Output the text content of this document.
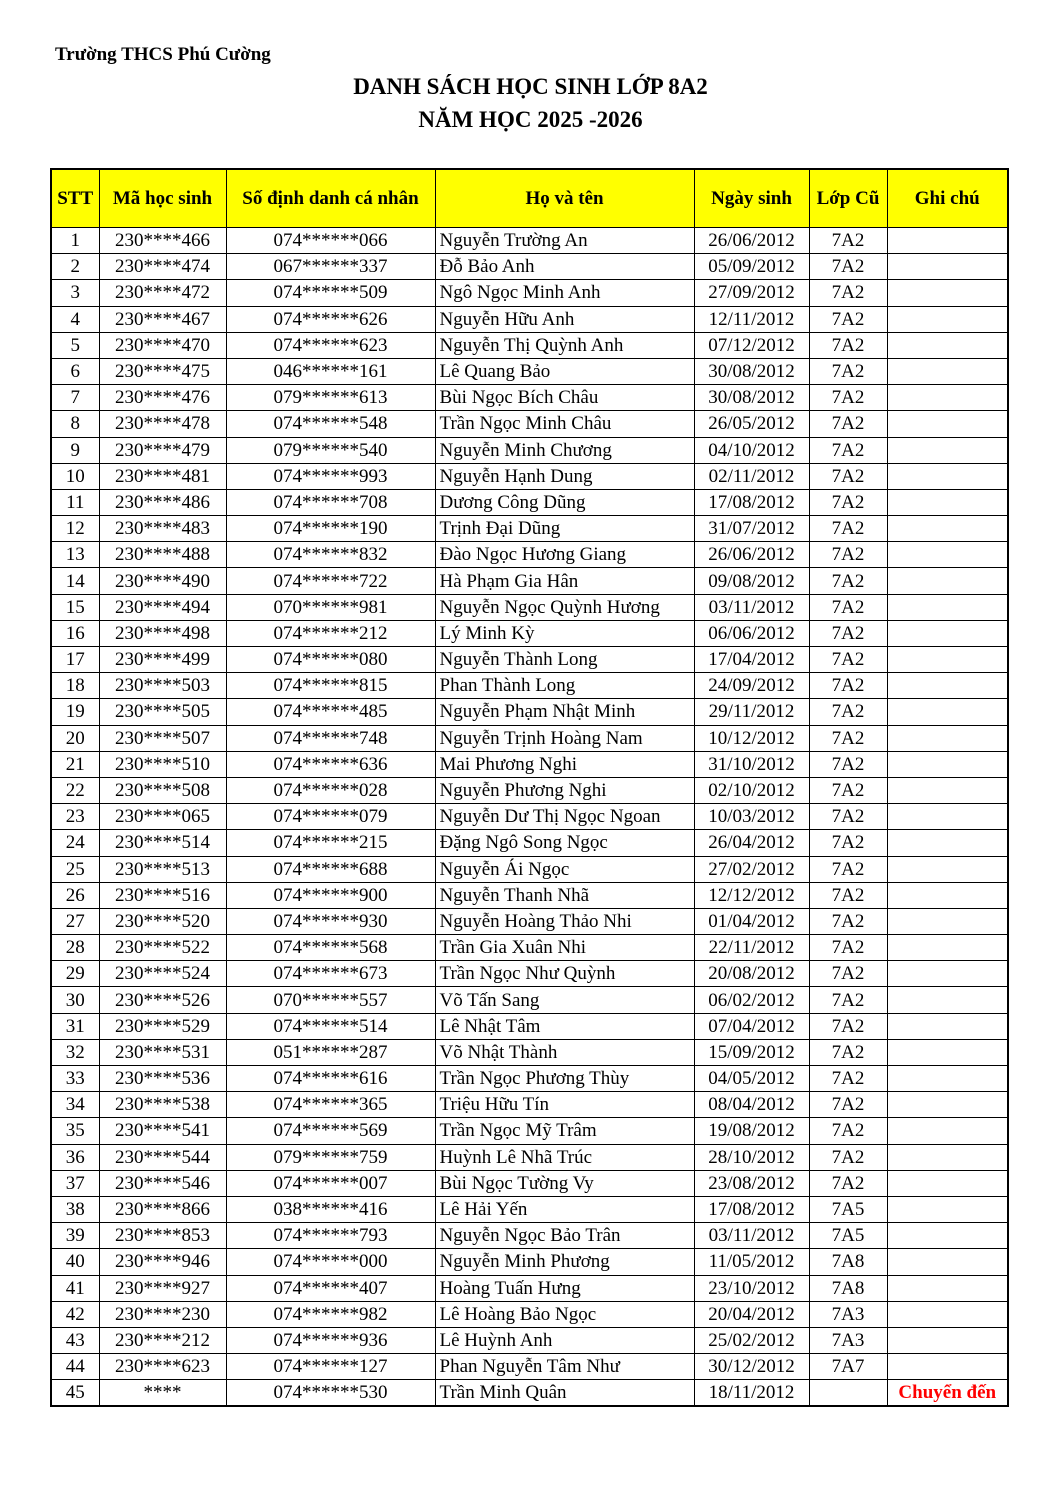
Trường THCS Phú Cường
DANH SÁCH HỌC SINH LỚP 8A2
NĂM HỌC 2025 -2026
STT	Mã học sinh	Số định danh cá nhân	Họ và tên	Ngày sinh	Lớp Cũ	Ghi chú
1	230****466	074******066	Nguyễn Trường An	26/06/2012	7A2	
2	230****474	067******337	Đỗ Bảo Anh	05/09/2012	7A2	
3	230****472	074******509	Ngô Ngọc Minh Anh	27/09/2012	7A2	
4	230****467	074******626	Nguyễn Hữu Anh	12/11/2012	7A2	
5	230****470	074******623	Nguyễn Thị Quỳnh Anh	07/12/2012	7A2	
6	230****475	046******161	Lê Quang Bảo	30/08/2012	7A2	
7	230****476	079******613	Bùi Ngọc Bích Châu	30/08/2012	7A2	
8	230****478	074******548	Trần Ngọc Minh Châu	26/05/2012	7A2	
9	230****479	079******540	Nguyễn Minh Chương	04/10/2012	7A2	
10	230****481	074******993	Nguyễn Hạnh Dung	02/11/2012	7A2	
11	230****486	074******708	Dương Công Dũng	17/08/2012	7A2	
12	230****483	074******190	Trịnh Đại Dũng	31/07/2012	7A2	
13	230****488	074******832	Đào Ngọc Hương Giang	26/06/2012	7A2	
14	230****490	074******722	Hà Phạm Gia Hân	09/08/2012	7A2	
15	230****494	070******981	Nguyễn Ngọc Quỳnh Hương	03/11/2012	7A2	
16	230****498	074******212	Lý Minh Kỳ	06/06/2012	7A2	
17	230****499	074******080	Nguyễn Thành Long	17/04/2012	7A2	
18	230****503	074******815	Phan Thành Long	24/09/2012	7A2	
19	230****505	074******485	Nguyễn Phạm Nhật Minh	29/11/2012	7A2	
20	230****507	074******748	Nguyễn Trịnh Hoàng Nam	10/12/2012	7A2	
21	230****510	074******636	Mai Phương Nghi	31/10/2012	7A2	
22	230****508	074******028	Nguyễn Phương Nghi	02/10/2012	7A2	
23	230****065	074******079	Nguyễn Dư Thị Ngọc Ngoan	10/03/2012	7A2	
24	230****514	074******215	Đặng Ngô Song Ngọc	26/04/2012	7A2	
25	230****513	074******688	Nguyễn Ái Ngọc	27/02/2012	7A2	
26	230****516	074******900	Nguyễn Thanh Nhã	12/12/2012	7A2	
27	230****520	074******930	Nguyễn Hoàng Thảo Nhi	01/04/2012	7A2	
28	230****522	074******568	Trần Gia Xuân Nhi	22/11/2012	7A2	
29	230****524	074******673	Trần Ngọc Như Quỳnh	20/08/2012	7A2	
30	230****526	070******557	Võ Tấn Sang	06/02/2012	7A2	
31	230****529	074******514	Lê Nhật Tâm	07/04/2012	7A2	
32	230****531	051******287	Võ Nhật Thành	15/09/2012	7A2	
33	230****536	074******616	Trần Ngọc Phương Thùy	04/05/2012	7A2	
34	230****538	074******365	Triệu Hữu Tín	08/04/2012	7A2	
35	230****541	074******569	Trần Ngọc Mỹ Trâm	19/08/2012	7A2	
36	230****544	079******759	Huỳnh Lê Nhã Trúc	28/10/2012	7A2	
37	230****546	074******007	Bùi Ngọc Tường Vy	23/08/2012	7A2	
38	230****866	038******416	Lê Hải Yến	17/08/2012	7A5	
39	230****853	074******793	Nguyễn Ngọc Bảo Trân	03/11/2012	7A5	
40	230****946	074******000	Nguyễn Minh Phương	11/05/2012	7A8	
41	230****927	074******407	Hoàng Tuấn Hưng	23/10/2012	7A8	
42	230****230	074******982	Lê Hoàng Bảo Ngọc	20/04/2012	7A3	
43	230****212	074******936	Lê Huỳnh Anh	25/02/2012	7A3	
44	230****623	074******127	Phan Nguyễn Tâm Như	30/12/2012	7A7	
45	****	074******530	Trần Minh Quân	18/11/2012		Chuyển đến
